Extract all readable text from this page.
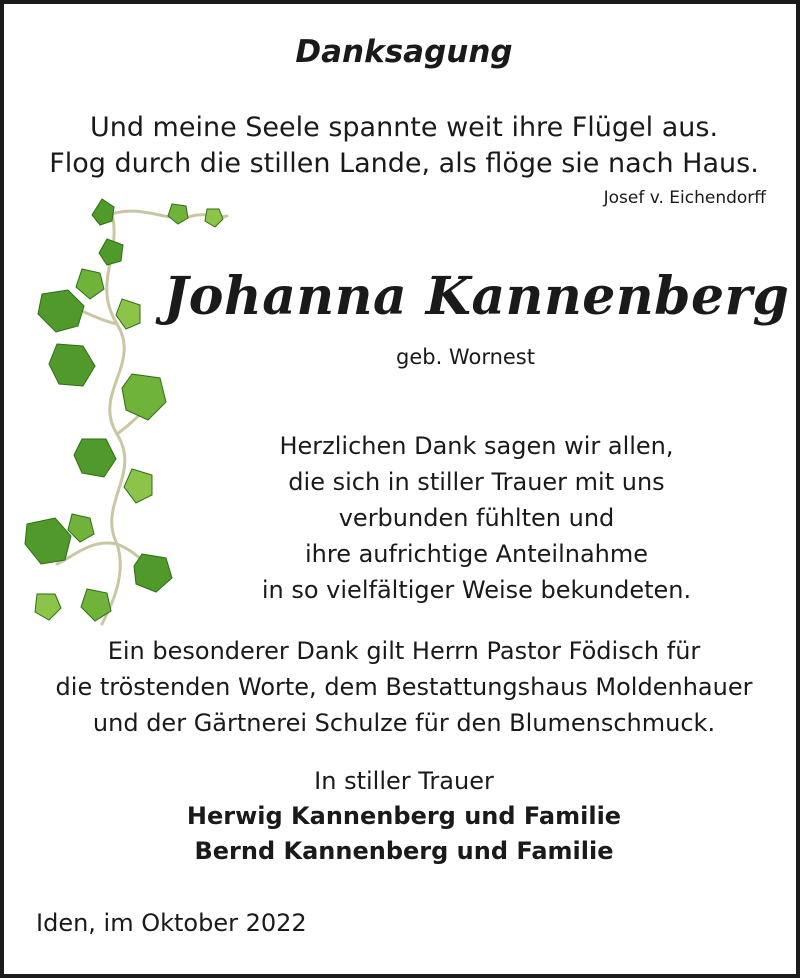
Danksagung
Und meine Seele spannte weit ihre Flügel aus.
Flog durch die stillen Lande, als flöge sie nach Haus.
Josef v. Eichendorff
Johanna Kannenberg
geb. Wornest
Herzlichen Dank sagen wir allen,
die sich in stiller Trauer mit uns
verbunden fühlten und
ihre aufrichtige Anteilnahme
in so vielfältiger Weise bekundeten.
Ein besonderer Dank gilt Herrn Pastor Födisch für
die tröstenden Worte, dem Bestattungshaus Moldenhauer
und der Gärtnerei Schulze für den Blumenschmuck.
In stiller Trauer
Herwig Kannenberg und Familie
Bernd Kannenberg und Familie
Iden, im Oktober 2022
